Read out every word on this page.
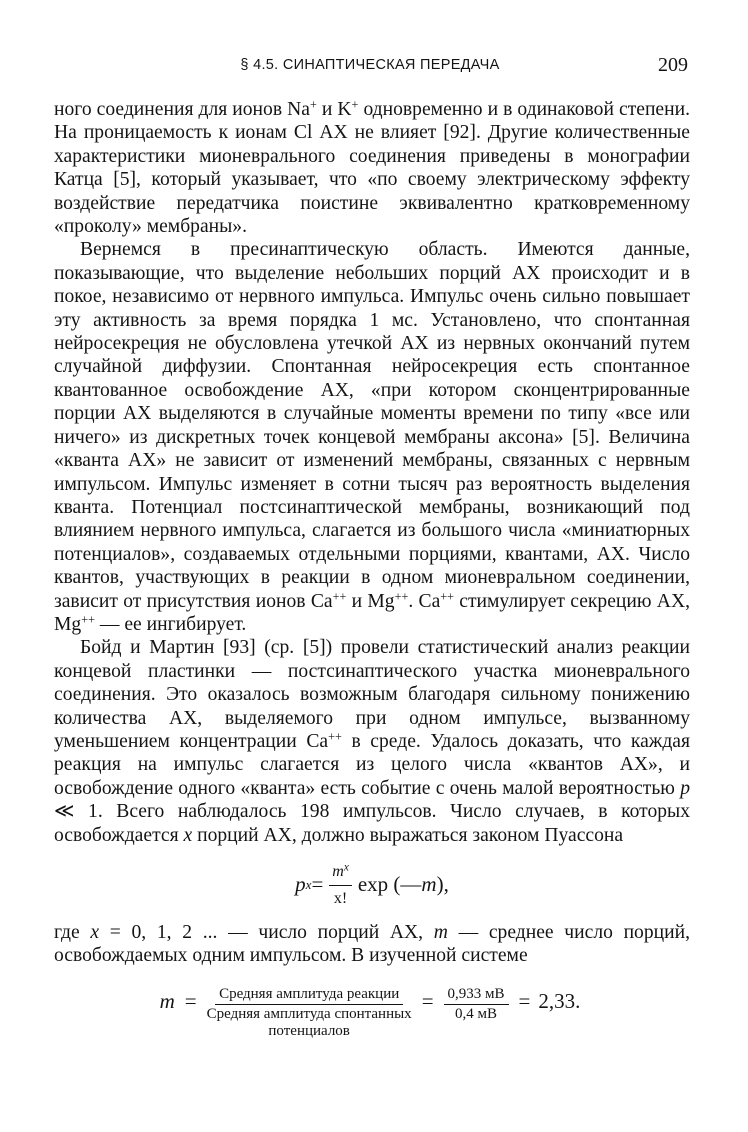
§ 4.5. СИНАПТИЧЕСКАЯ ПЕРЕДАЧА	209

ного соединения для ионов Na+ и K+ одновременно и в одинаковой степени. На проницаемость к ионам Cl АХ не влияет [92]. Другие количественные характеристики мионеврального соединения приведены в монографии Катца [5], который указывает, что «по своему электрическому эффекту воздействие передатчика поистине эквивалентно кратковременному «проколу» мембраны».

Вернемся в пресинаптическую область. Имеются данные, показывающие, что выделение небольших порций АХ происходит и в покое, независимо от нервного импульса. Импульс очень сильно повышает эту активность за время порядка 1 мс. Установлено, что спонтанная нейросекреция не обусловлена утечкой АХ из нервных окончаний путем случайной диффузии. Спонтанная нейросекреция есть спонтанное квантованное освобождение АХ, «при котором сконцентрированные порции АХ выделяются в случайные моменты времени по типу «все или ничего» из дискретных точек концевой мембраны аксона» [5]. Величина «кванта АХ» не зависит от изменений мембраны, связанных с нервным импульсом. Импульс изменяет в сотни тысяч раз вероятность выделения кванта. Потенциал постсинаптической мембраны, возникающий под влиянием нервного импульса, слагается из большого числа «миниатюрных потенциалов», создаваемых отдельными порциями, квантами, АХ. Число квантов, участвующих в реакции в одном мионевральном соединении, зависит от присутствия ионов Ca++ и Mg++. Ca++ стимулирует секрецию АХ, Mg++ — ее ингибирует.

Бойд и Мартин [93] (ср. [5]) провели статистический анализ реакции концевой пластинки — постсинаптического участка мионеврального соединения. Это оказалось возможным благодаря сильному понижению количества АХ, выделяемого при одном импульсе, вызванному уменьшением концентрации Ca++ в среде. Удалось доказать, что каждая реакция на импульс слагается из целого числа «квантов АХ», и освобождение одного «кванта» есть событие с очень малой вероятностью p ≪ 1. Всего наблюдалось 198 импульсов. Число случаев, в которых освобождается x порций АХ, должно выражаться законом Пуассона

p $x = \frac{m^x}{x!}$ exp (— m ),

где x = 0, 1, 2 ... — число порций АХ, m — среднее число порций, освобождаемых одним импульсом. В изученной системе

m = Средняя амплитуда реакции
Средняя амплитуда спонтанных
потенциалов
= $\frac{0,933 мВ}{0,4 мВ} = 2,33$.
